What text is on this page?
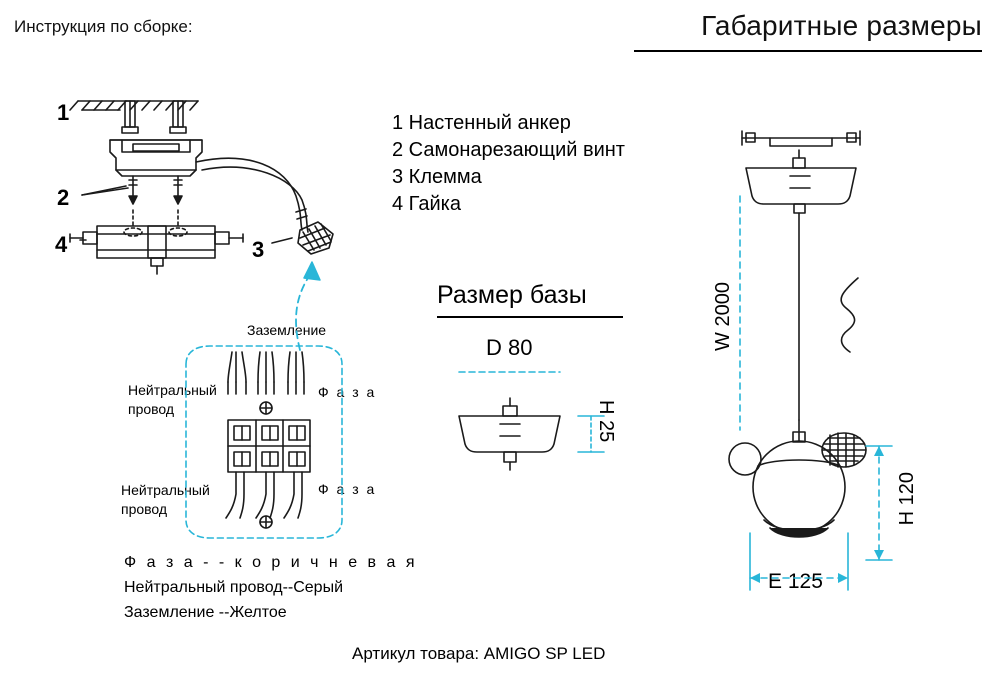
Инструкция по сборке:	Габаритные размеры
1 Настенный анкер
2 Самонарезающий винт
3 Клемма
4 Гайка
1
2
3
4
Размер базы
D 80
H 25
W 2000
H 120
E 125
Заземление
Нейтральный
провод
Нейтральный
провод
Ф а з а
Ф а з а
Ф а з а - - к о р и ч н е в а я
Нейтральный провод--Серый
Заземление --Желтое
Артикул товара: AMIGO SP LED
